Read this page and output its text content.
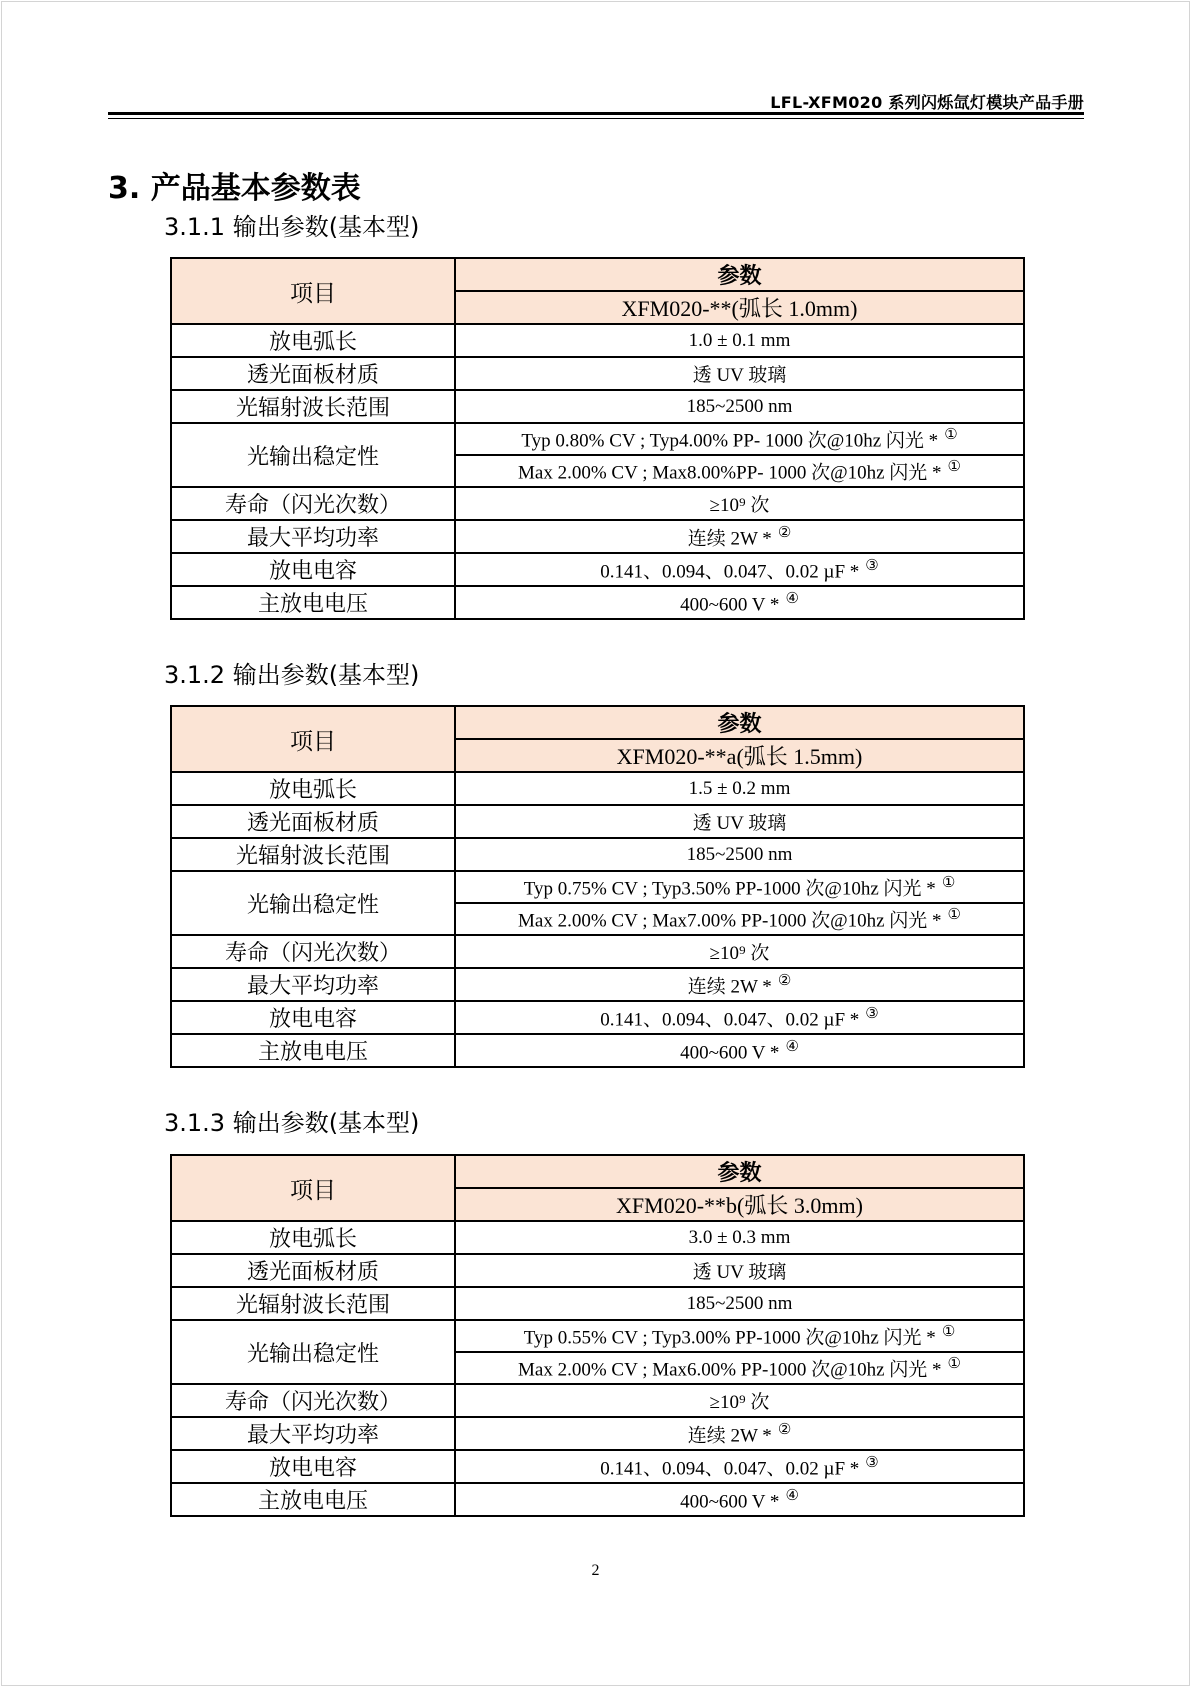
LFL-XFM020 系列闪烁氙灯模块产品手册
3. 产品基本参数表
3.1.1 输出参数(基本型)
项目	参数
	XFM020-**(弧长 1.0mm)
放电弧长	1.0 ± 0.1 mm
透光面板材质	透 UV 玻璃
光辐射波长范围	185~2500 nm
光输出稳定性	Typ 0.80% CV ; Typ4.00% PP- 1000 次@10hz 闪光 * ①
	Max 2.00% CV ; Max8.00%PP- 1000 次@10hz 闪光 * ①
寿命（闪光次数）	≥10⁹ 次
最大平均功率	连续 2W * ②
放电电容	0.141、0.094、0.047、0.02 µF * ③
主放电电压	400~600 V * ④
3.1.2 输出参数(基本型)
项目	参数
	XFM020-**a(弧长 1.5mm)
放电弧长	1.5 ± 0.2 mm
透光面板材质	透 UV 玻璃
光辐射波长范围	185~2500 nm
光输出稳定性	Typ 0.75% CV ; Typ3.50% PP-1000 次@10hz 闪光 * ①
	Max 2.00% CV ; Max7.00% PP-1000 次@10hz 闪光 * ①
寿命（闪光次数）	≥10⁹ 次
最大平均功率	连续 2W * ②
放电电容	0.141、0.094、0.047、0.02 µF * ③
主放电电压	400~600 V * ④
3.1.3 输出参数(基本型)
项目	参数
	XFM020-**b(弧长 3.0mm)
放电弧长	3.0 ± 0.3 mm
透光面板材质	透 UV 玻璃
光辐射波长范围	185~2500 nm
光输出稳定性	Typ 0.55% CV ; Typ3.00% PP-1000 次@10hz 闪光 * ①
	Max 2.00% CV ; Max6.00% PP-1000 次@10hz 闪光 * ①
寿命（闪光次数）	≥10⁹ 次
最大平均功率	连续 2W * ②
放电电容	0.141、0.094、0.047、0.02 µF * ③
主放电电压	400~600 V * ④
2
